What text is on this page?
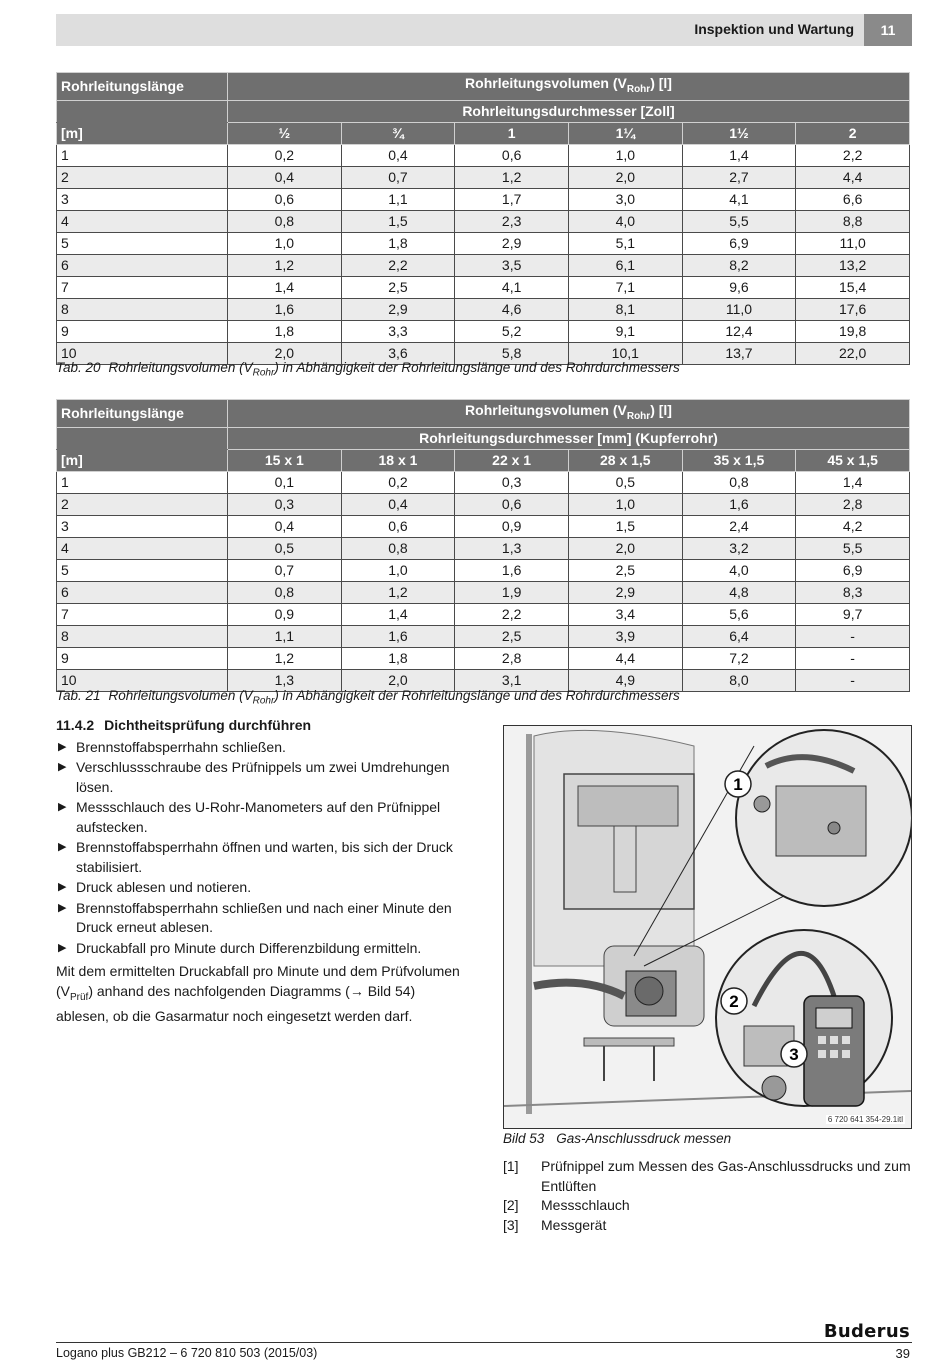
Inspektion und Wartung	11
Rohrleitungslänge	Rohrleitungsvolumen $(V_{Rohr})$ [l]					
	Rohrleitungsdurchmesser [Zoll]					
[m]	½	¾	1	1¼	1½	2
1	0,2	0,4	0,6	1,0	1,4	2,2
2	0,4	0,7	1,2	2,0	2,7	4,4
3	0,6	1,1	1,7	3,0	4,1	6,6
4	0,8	1,5	2,3	4,0	5,5	8,8
5	1,0	1,8	2,9	5,1	6,9	11,0
6	1,2	2,2	3,5	6,1	8,2	13,2
7	1,4	2,5	4,1	7,1	9,6	15,4
8	1,6	2,9	4,6	8,1	11,0	17,6
9	1,8	3,3	5,2	9,1	12,4	19,8
10	2,0	3,6	5,8	10,1	13,7	22,0
Tab. 20 Rohrleitungsvolumen $(V_{Rohr})$ in Abhängigkeit der Rohrleitungslänge und des Rohrdurchmessers
Rohrleitungslänge	Rohrleitungsvolumen $(V_{Rohr})$ [l]					
	Rohrleitungsdurchmesser [mm] (Kupferrohr)					
[m]	15 x 1	18 x 1	22 x 1	28 x 1,5	35 x 1,5	45 x 1,5
1	0,1	0,2	0,3	0,5	0,8	1,4
2	0,3	0,4	0,6	1,0	1,6	2,8
3	0,4	0,6	0,9	1,5	2,4	4,2
4	0,5	0,8	1,3	2,0	3,2	5,5
5	0,7	1,0	1,6	2,5	4,0	6,9
6	0,8	1,2	1,9	2,9	4,8	8,3
7	0,9	1,4	2,2	3,4	5,6	9,7
8	1,1	1,6	2,5	3,9	6,4	-
9	1,2	1,8	2,8	4,4	7,2	-
10	1,3	2,0	3,1	4,9	8,0	-
Tab. 21 Rohrleitungsvolumen $(V_{Rohr})$ in Abhängigkeit der Rohrleitungslänge und des Rohrdurchmessers
11.4.2 Dichtheitsprüfung durchführen
▶ Brennstoffabsperrhahn schließen.
▶ Verschlussschraube des Prüfnippels um zwei Umdrehungen lösen.
▶ Messschlauch des U-Rohr-Manometers auf den Prüfnippel aufstecken.
▶ Brennstoffabsperrhahn öffnen und warten, bis sich der Druck stabilisiert.
▶ Druck ablesen und notieren.
▶ Brennstoffabsperrhahn schließen und nach einer Minute den Druck erneut ablesen.
▶ Druckabfall pro Minute durch Differenzbildung ermitteln.

Mit dem ermittelten Druckabfall pro Minute und dem Prüfvolumen $(V_{Prüf})$ anhand des nachfolgenden Diagramms (→ Bild 54) ablesen, ob die Gasarmatur noch eingesetzt werden darf.

1
2
3
6 720 641 354-29.1itl
Bild 53 Gas-Anschlussdruck messen
[1]	Prüfnippel zum Messen des Gas-Anschlussdrucks und zum Entlüften
[2]	Messschlauch
[3]	Messgerät
Buderus
Logano plus GB212 – 6 720 810 503 (2015/03)	39
